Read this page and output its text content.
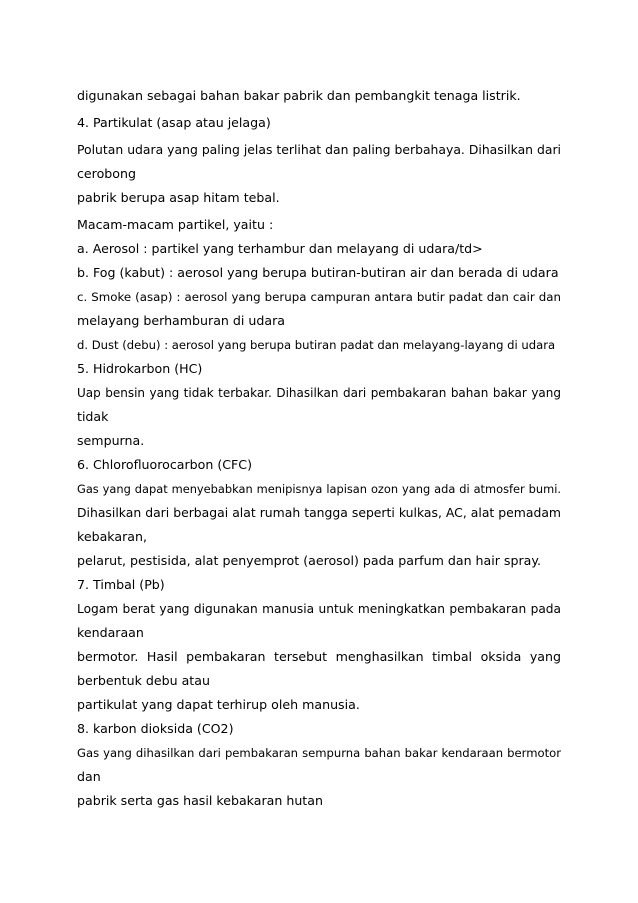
digunakan sebagai bahan bakar pabrik dan pembangkit tenaga listrik.
4. Partikulat (asap atau jelaga)
Polutan udara yang paling jelas terlihat dan paling berbahaya. Dihasilkan dari
cerobong
pabrik berupa asap hitam tebal.
Macam-macam partikel, yaitu :
a. Aerosol : partikel yang terhambur dan melayang di udara/td>
b. Fog (kabut) : aerosol yang berupa butiran-butiran air dan berada di udara
c. Smoke (asap) : aerosol yang berupa campuran antara butir padat dan cair dan
melayang berhamburan di udara
d. Dust (debu) : aerosol yang berupa butiran padat dan melayang-layang di udara
5. Hidrokarbon (HC)
Uap bensin yang tidak terbakar. Dihasilkan dari pembakaran bahan bakar yang
tidak
sempurna.
6. Chlorofluorocarbon (CFC)
Gas yang dapat menyebabkan menipisnya lapisan ozon yang ada di atmosfer bumi.
Dihasilkan dari berbagai alat rumah tangga seperti kulkas, AC, alat pemadam
kebakaran,
pelarut, pestisida, alat penyemprot (aerosol) pada parfum dan hair spray.
7. Timbal (Pb)
Logam berat yang digunakan manusia untuk meningkatkan pembakaran pada
kendaraan
bermotor. Hasil pembakaran tersebut menghasilkan timbal oksida yang
berbentuk debu atau
partikulat yang dapat terhirup oleh manusia.
8. karbon dioksida (CO2)
Gas yang dihasilkan dari pembakaran sempurna bahan bakar kendaraan bermotor
dan
pabrik serta gas hasil kebakaran hutan
